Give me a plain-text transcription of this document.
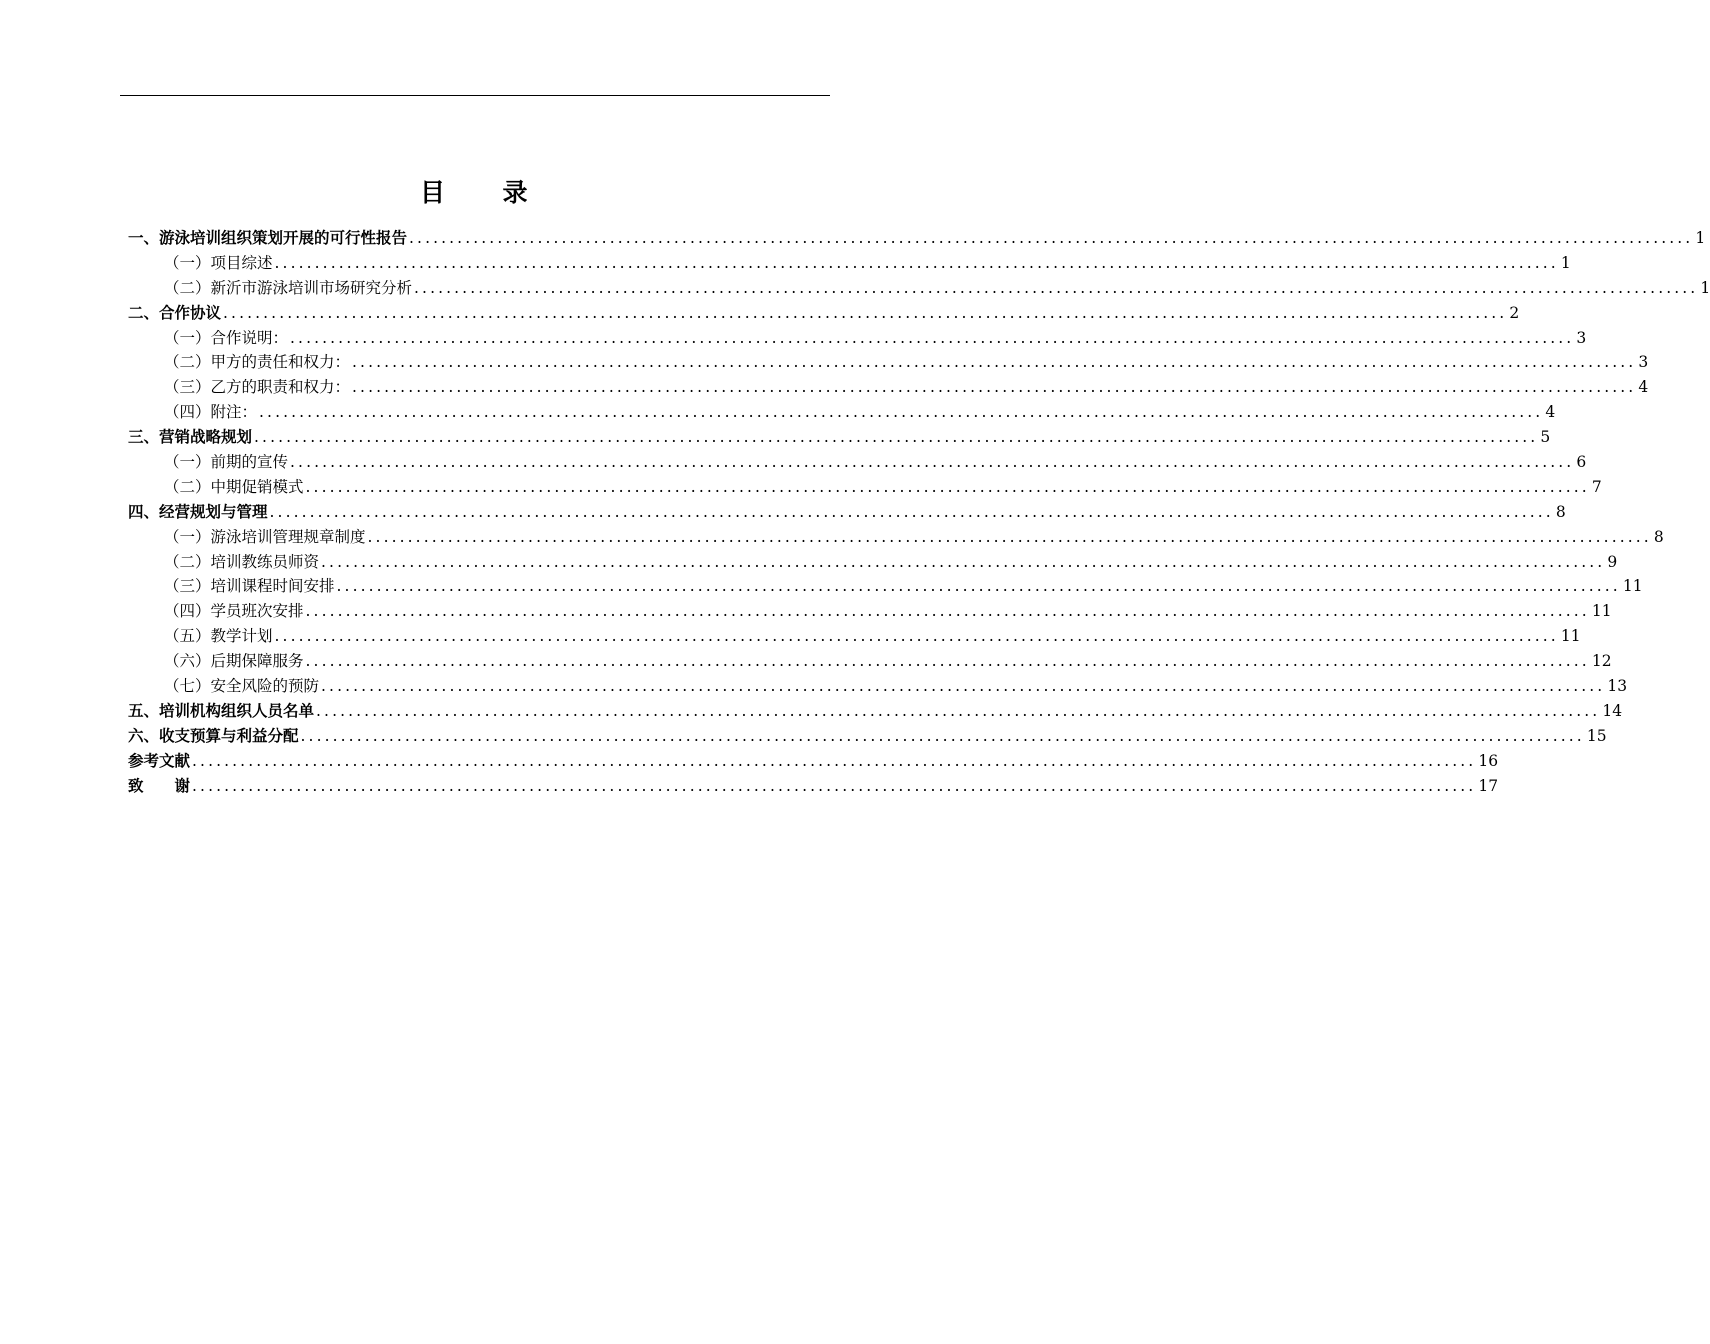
目　　录
一、游泳培训组织策划开展的可行性报告 ................................................................................................................................................................ 1
（一）项目综述 ................................................................................................................................................................ 1
（二）新沂市游泳培训市场研究分析 ................................................................................................................................................................ 1
二、合作协议 ................................................................................................................................................................ 2
（一）合作说明： ................................................................................................................................................................ 3
（二）甲方的责任和权力： ................................................................................................................................................................ 3
（三）乙方的职责和权力： ................................................................................................................................................................ 4
（四）附注： ................................................................................................................................................................ 4
三、营销战略规划 ................................................................................................................................................................ 5
（一）前期的宣传 ................................................................................................................................................................ 6
（二）中期促销模式 ................................................................................................................................................................ 7
四、经营规划与管理 ................................................................................................................................................................ 8
（一）游泳培训管理规章制度 ................................................................................................................................................................ 8
（二）培训教练员师资 ................................................................................................................................................................ 9
（三）培训课程时间安排 ................................................................................................................................................................ 11
（四）学员班次安排 ................................................................................................................................................................ 11
（五）教学计划 ................................................................................................................................................................ 11
（六）后期保障服务 ................................................................................................................................................................ 12
（七）安全风险的预防 ................................................................................................................................................................ 13
五、培训机构组织人员名单 ................................................................................................................................................................ 14
六、收支预算与利益分配 ................................................................................................................................................................ 15
参考文献 ................................................................................................................................................................ 16
致　　谢 ................................................................................................................................................................ 17
